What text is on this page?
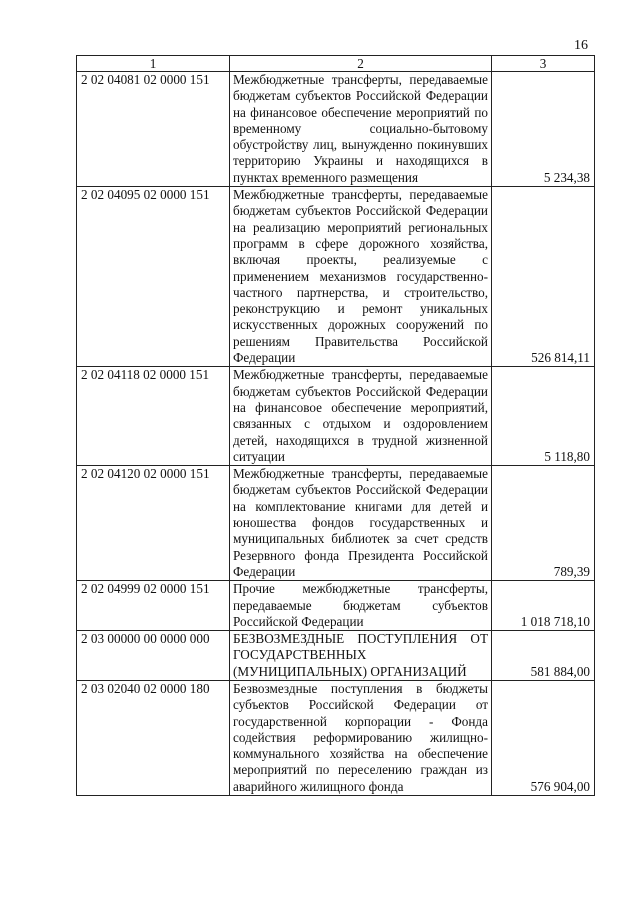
16
1	2	3
2 02 04081 02 0000 151	Межбюджетные трансферты, передаваемые бюджетам субъектов Российской Федерации на финансовое обеспечение мероприятий по временному социально-бытовому обустройству лиц, вынужденно покинувших территорию Украины и находящихся в пунктах временного размещения	5 234,38
2 02 04095 02 0000 151	Межбюджетные трансферты, передаваемые бюджетам субъектов Российской Федерации на реализацию мероприятий региональных программ в сфере дорожного хозяйства, включая проекты, реализуемые с применением механизмов государственно-частного партнерства, и строительство, реконструкцию и ремонт уникальных искусственных дорожных сооружений по решениям Правительства Российской Федерации	526 814,11
2 02 04118 02 0000 151	Межбюджетные трансферты, передаваемые бюджетам субъектов Российской Федерации на финансовое обеспечение мероприятий, связанных с отдыхом и оздоровлением детей, находящихся в трудной жизненной ситуации	5 118,80
2 02 04120 02 0000 151	Межбюджетные трансферты, передаваемые бюджетам субъектов Российской Федерации на комплектование книгами для детей и юношества фондов государственных и муниципальных библиотек за счет средств Резервного фонда Президента Российской Федерации	789,39
2 02 04999 02 0000 151	Прочие межбюджетные трансферты, передаваемые бюджетам субъектов Российской Федерации	1 018 718,10
2 03 00000 00 0000 000	БЕЗВОЗМЕЗДНЫЕ ПОСТУПЛЕНИЯ ОТ ГОСУДАРСТВЕННЫХ (МУНИЦИПАЛЬНЫХ) ОРГАНИЗАЦИЙ	581 884,00
2 03 02040 02 0000 180	Безвозмездные поступления в бюджеты субъектов Российской Федерации от государственной корпорации - Фонда содействия реформированию жилищно-коммунального хозяйства на обеспечение мероприятий по переселению граждан из аварийного жилищного фонда	576 904,00
